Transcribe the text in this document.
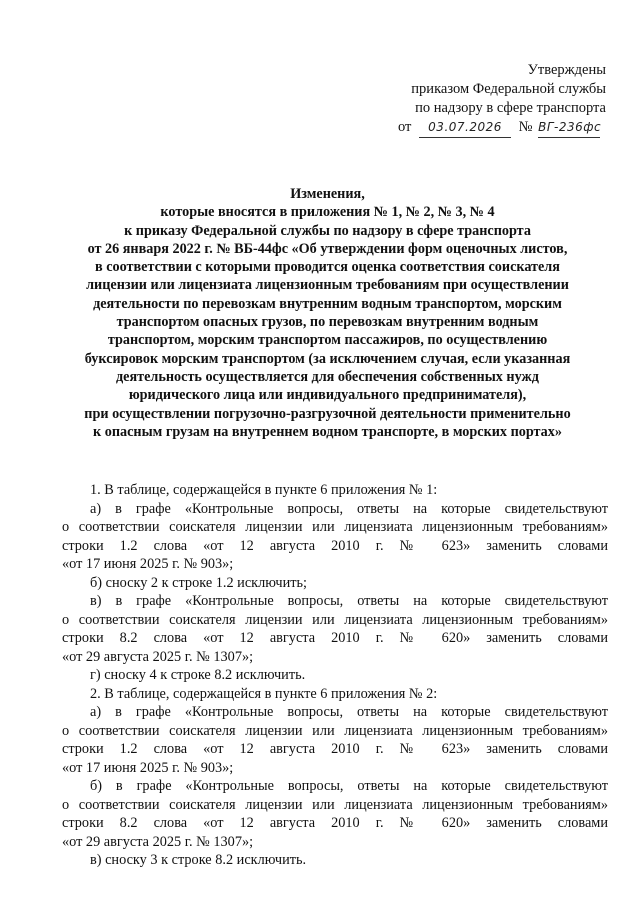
Утверждены
приказом Федеральной службы
по надзору в сфере транспорта
от 03.07.2026 № ВГ-236фс
Изменения,
которые вносятся в приложения № 1, № 2, № 3, № 4
к приказу Федеральной службы по надзору в сфере транспорта
от 26 января 2022 г. № ВБ-44фс «Об утверждении форм оценочных листов,
в соответствии с которыми проводится оценка соответствия соискателя
лицензии или лицензиата лицензионным требованиям при осуществлении
деятельности по перевозкам внутренним водным транспортом, морским
транспортом опасных грузов, по перевозкам внутренним водным
транспортом, морским транспортом пассажиров, по осуществлению
буксировок морским транспортом (за исключением случая, если указанная
деятельность осуществляется для обеспечения собственных нужд
юридического лица или индивидуального предпринимателя),
при осуществлении погрузочно-разгрузочной деятельности применительно
к опасным грузам на внутреннем водном транспорте, в морских портах»
1. В таблице, содержащейся в пункте 6 приложения № 1:
а) в графе «Контрольные вопросы, ответы на которые свидетельствуют
о соответствии соискателя лицензии или лицензиата лицензионным требованиям»
строки 1.2 слова «от 12 августа 2010 г. № 623» заменить словами
«от 17 июня 2025 г. № 903»;
б) сноску 2 к строке 1.2 исключить;
в) в графе «Контрольные вопросы, ответы на которые свидетельствуют
о соответствии соискателя лицензии или лицензиата лицензионным требованиям»
строки 8.2 слова «от 12 августа 2010 г. № 620» заменить словами
«от 29 августа 2025 г. № 1307»;
г) сноску 4 к строке 8.2 исключить.
2. В таблице, содержащейся в пункте 6 приложения № 2:
а) в графе «Контрольные вопросы, ответы на которые свидетельствуют
о соответствии соискателя лицензии или лицензиата лицензионным требованиям»
строки 1.2 слова «от 12 августа 2010 г. № 623» заменить словами
«от 17 июня 2025 г. № 903»;
б) в графе «Контрольные вопросы, ответы на которые свидетельствуют
о соответствии соискателя лицензии или лицензиата лицензионным требованиям»
строки 8.2 слова «от 12 августа 2010 г. № 620» заменить словами
«от 29 августа 2025 г. № 1307»;
в) сноску 3 к строке 8.2 исключить.
